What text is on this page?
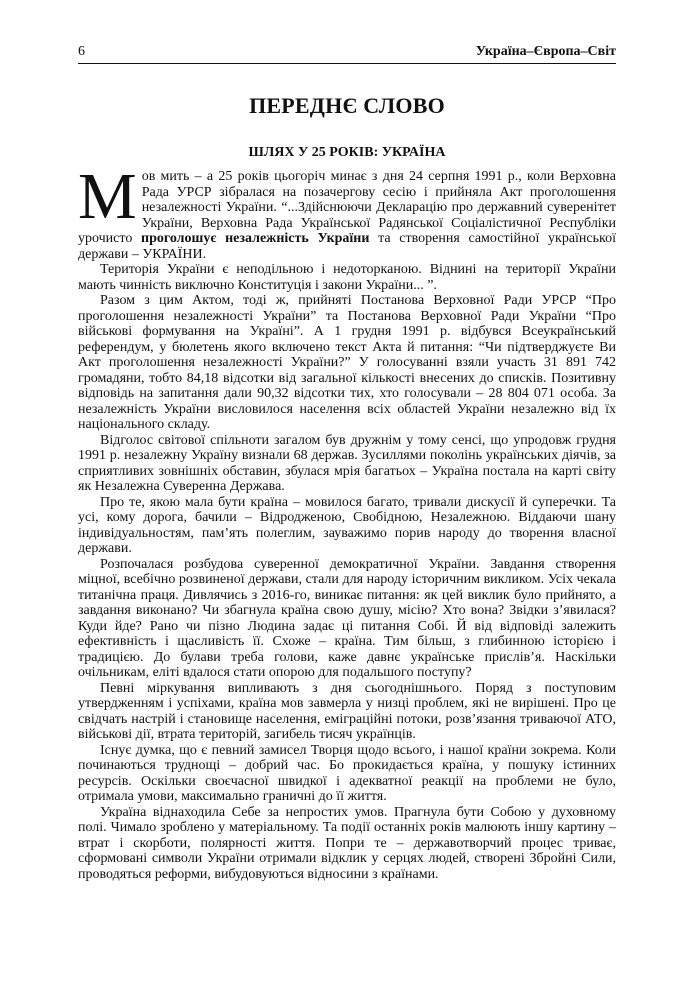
6	Україна–Європа–Світ
ПЕРЕДНЄ СЛОВО
ШЛЯХ У 25 РОКІВ: УКРАЇНА

Мов мить – а 25 років цьогоріч минає з дня 24 серпня 1991 р., коли Верховна Рада УРСР зібралася на позачергову сесію і прийняла Акт проголошення незалежності України. “...Здійснюючи Декларацію про державний суверенітет України, Верховна Рада Української Радянської Соціалістичної Республіки урочисто проголошує незалежність України та створення самостійної української держави – УКРАЇНИ.

Територія України є неподільною і недоторканою. Віднині на території України мають чинність виключно Конституція і закони України... ”.

Разом з цим Актом, тоді ж, прийняті Постанова Верховної Ради УРСР “Про проголошення незалежності України” та Постанова Верховної Ради України “Про військові формування на Україні”. А 1 грудня 1991 р. відбувся Всеукраїнський референдум, у бюлетень якого включено текст Акта й питання: “Чи підтверджуєте Ви Акт проголошення незалежності України?” У голосуванні взяли участь 31 891 742 громадяни, тобто 84,18 відсотки від загальної кількості внесених до списків. Позитивну відповідь на запитання дали 90,32 відсотки тих, хто голосували – 28 804 071 особа. За незалежність України висловилося населення всіх областей України незалежно від їх національного складу.

Відголос світової спільноти загалом був дружнім у тому сенсі, що упродовж грудня 1991 р. незалежну Україну визнали 68 держав. Зусиллями поколінь українських діячів, за сприятливих зовнішніх обставин, збулася мрія багатьох – Україна постала на карті світу як Незалежна Суверенна Держава.

Про те, якою мала бути країна – мовилося багато, тривали дискусії й суперечки. Та усі, кому дорога, бачили – Відродженою, Свобідною, Незалежною. Віддаючи шану індивідуальностям, пам’ять полеглим, зауважимо порив народу до творення власної держави.

Розпочалася розбудова суверенної демократичної України. Завдання створення міцної, всебічно розвиненої держави, стали для народу історичним викликом. Усіх чекала титанічна праця. Дивлячись з 2016-го, виникає питання: як цей виклик було прийнято, а завдання виконано? Чи збагнула країна свою душу, місію? Хто вона? Звідки з’явилася? Куди йде? Рано чи пізно Людина задає ці питання Собі. Й від відповіді залежить ефективність і щасливість її. Схоже – країна. Тим більш, з глибинною історією і традицією. До булави треба голови, каже давнє українське прислів’я. Наскільки очільникам, еліті вдалося стати опорою для подальшого поступу?

Певні міркування випливають з дня сьогоднішнього. Поряд з поступовим утвердженням і успіхами, країна мов завмерла у низці проблем, які не вирішені. Про це свідчать настрій і становище населення, еміграційні потоки, розв’язання триваючої АТО, військові дії, втрата територій, загибель тисяч українців.

Існує думка, що є певний замисел Творця щодо всього, і нашої країни зокрема. Коли починаються труднощі – добрий час. Бо прокидається країна, у пошуку істинних ресурсів. Оскільки своєчасної швидкої і адекватної реакції на проблеми не було, отримала умови, максимально граничні до її життя.

Україна віднаходила Себе за непростих умов. Прагнула бути Собою у духовному полі. Чимало зроблено у матеріальному. Та події останніх років малюють іншу картину – втрат і скорботи, полярності життя. Попри те – державотворчий процес триває, сформовані символи України отримали відклик у серцях людей, створені Збройні Сили, проводяться реформи, вибудовуються відносини з країнами.
